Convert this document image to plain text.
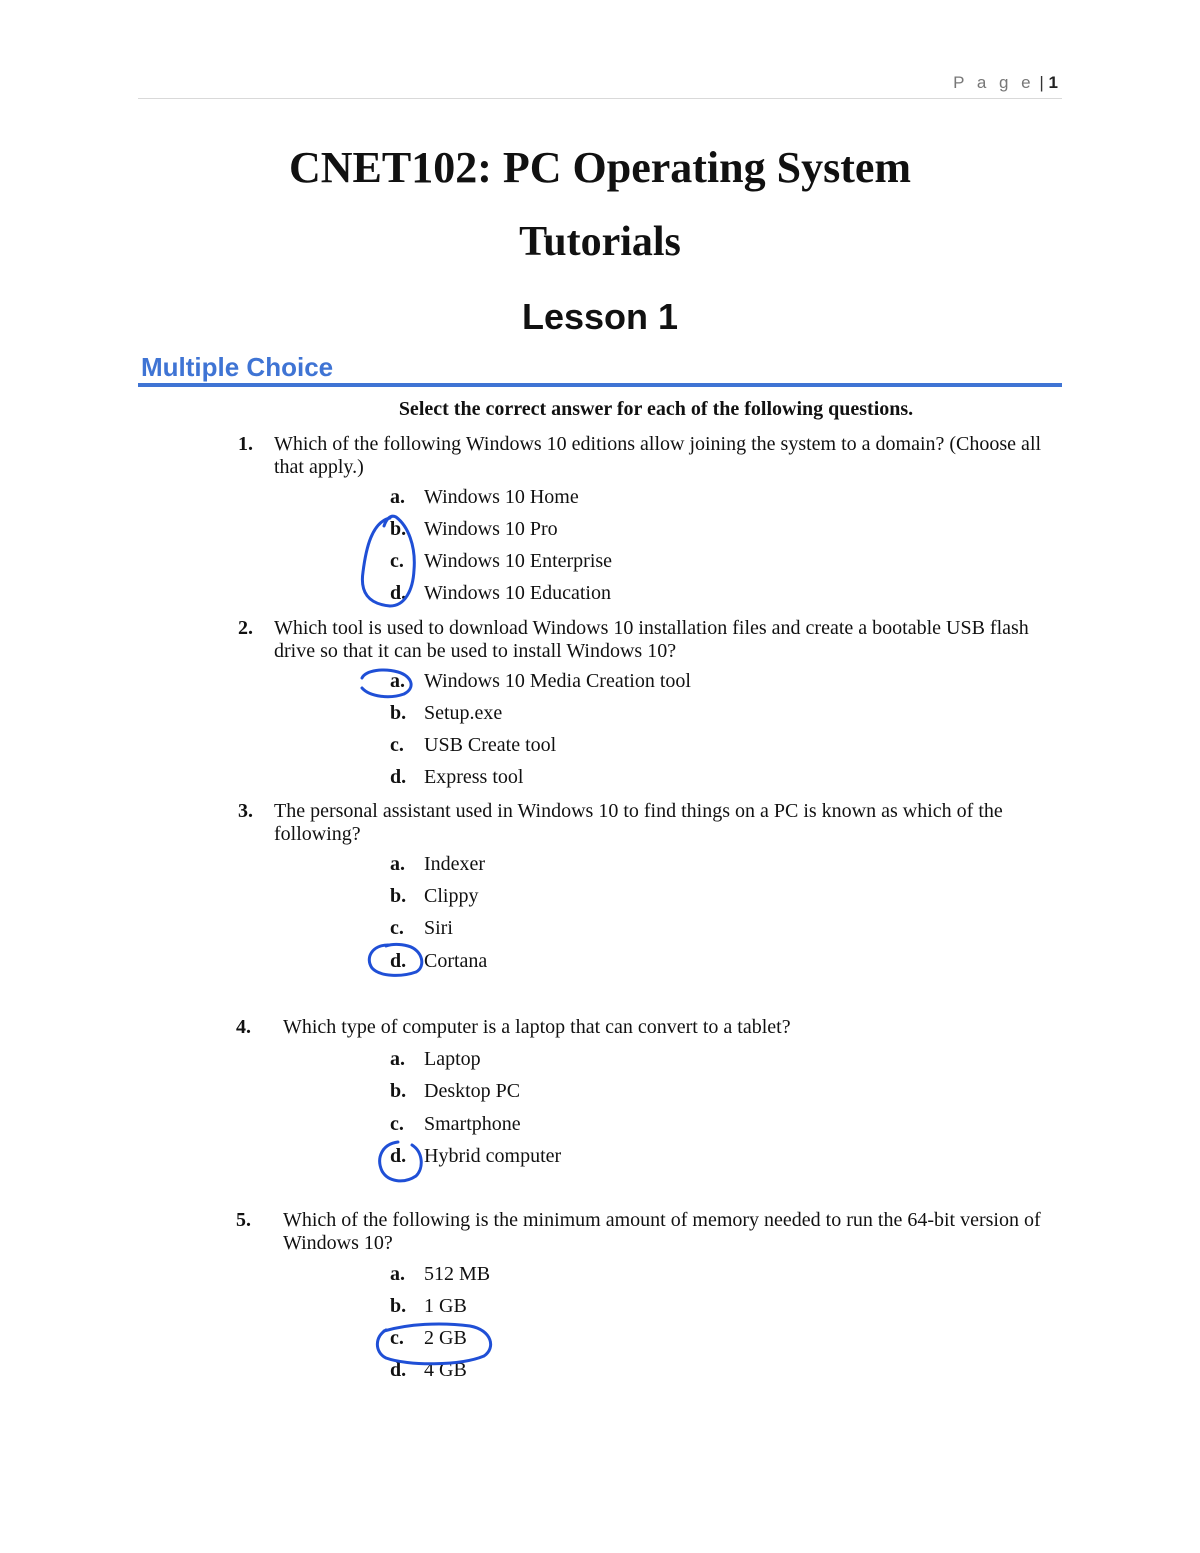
P a g e | 1
CNET102: PC Operating System
Tutorials
Lesson 1
Multiple Choice
Select the correct answer for each of the following questions.
1. Which of the following Windows 10 editions allow joining the system to a domain? (Choose all that apply.)
a. Windows 10 Home
b. Windows 10 Pro
c. Windows 10 Enterprise
d. Windows 10 Education
2. Which tool is used to download Windows 10 installation files and create a bootable USB flash drive so that it can be used to install Windows 10?
a. Windows 10 Media Creation tool
b. Setup.exe
c. USB Create tool
d. Express tool
3. The personal assistant used in Windows 10 to find things on a PC is known as which of the following?
a. Indexer
b. Clippy
c. Siri
d. Cortana
4. Which type of computer is a laptop that can convert to a tablet?
a. Laptop
b. Desktop PC
c. Smartphone
d. Hybrid computer
5. Which of the following is the minimum amount of memory needed to run the 64-bit version of Windows 10?
a. 512 MB
b. 1 GB
c. 2 GB
d. 4 GB
